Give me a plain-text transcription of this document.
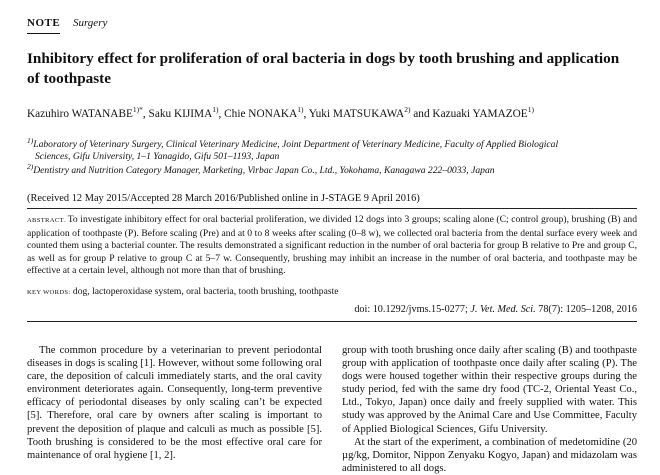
NOTE Surgery
Inhibitory effect for proliferation of oral bacteria in dogs by tooth brushing and application of toothpaste
Kazuhiro $WATANABE^{1)*}$, Saku KIJIMA$^{1)}$, Chie NONAKA$^{1)}$, Yuki MATSUKAWA$^{2)}$ and Kazuaki YAMAZOE$^{1)}$
$^{1)}$Laboratory of Veterinary Surgery, Clinical Veterinary Medicine, Joint Department of Veterinary Medicine, Faculty of Applied Biological
Sciences, Gifu University, 1–1 Yanagido, Gifu 501–1193, Japan
$^{2)}$Dentistry and Nutrition Category Manager, Marketing, Virbac Japan Co., Ltd., Yokohama, Kanagawa 222–0033, Japan
(Received 12 May 2015/Accepted 28 March 2016/Published online in J-STAGE 9 April 2016)
ABSTRACT. To investigate inhibitory effect for oral bacterial proliferation, we divided 12 dogs into 3 groups; scaling alone (C; control group), brushing (B) and application of toothpaste (P). Before scaling (Pre) and at 0 to 8 weeks after scaling (0–8 w), we collected oral bacteria from the dental surface every week and counted them using a bacterial counter. The results demonstrated a significant reduction in the number of oral bacteria for group B relative to Pre and group C, as well as for group P relative to group C at 5–7 w. Consequently, brushing may inhibit an increase in the number of oral bacteria, and toothpaste may be effective at a certain level, although not more than that of brushing.
KEY WORDS: dog, lactoperoxidase system, oral bacteria, tooth brushing, toothpaste
doi: 10.1292/jvms.15-0277; J. Vet. Med. Sci. 78(7): 1205–1208, 2016

The common procedure by a veterinarian to prevent periodontal diseases in dogs is scaling [1]. However, without some following oral care, the deposition of calculi immediately starts, and the oral cavity environment deteriorates again. Consequently, long-term preventive efficacy of periodontal diseases by only scaling can’t be expected [5]. Therefore, oral care by owners after scaling is important to prevent the deposition of plaque and calculi as much as possible [5]. Tooth brushing is considered to be the most effective oral care for maintenance of oral hygiene [1, 2].

group with tooth brushing once daily after scaling (B) and toothpaste group with application of toothpaste once daily after scaling (P). The dogs were housed together within their respective groups during the study period, fed with the same dry food (TC-2, Oriental Yeast Co., Ltd., Tokyo, Japan) once daily and freely supplied with water. This study was approved by the Animal Care and Use Committee, Faculty of Applied Biological Sciences, Gifu University.

At the start of the experiment, a combination of medetomidine (20 µg/kg, Domitor, Nippon Zenyaku Kogyo, Japan) and midazolam was administered to all dogs.
